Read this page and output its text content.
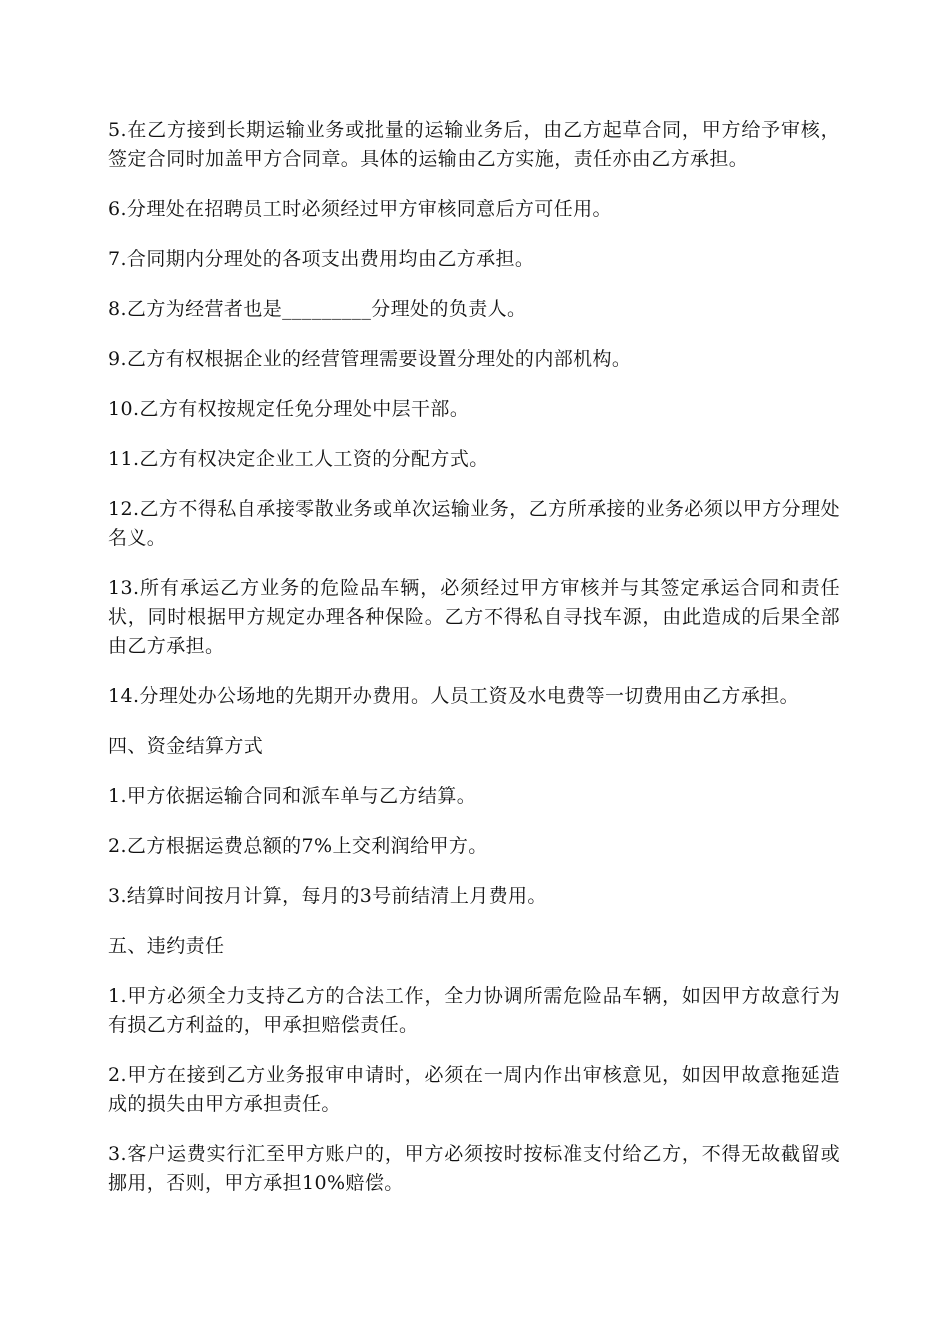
5.在乙方接到长期运输业务或批量的运输业务后，由乙方起草合同，甲方给予审核，签定合同时加盖甲方合同章。具体的运输由乙方实施，责任亦由乙方承担。

6.分理处在招聘员工时必须经过甲方审核同意后方可任用。

7.合同期内分理处的各项支出费用均由乙方承担。

8.乙方为经营者也是_________分理处的负责人。

9.乙方有权根据企业的经营管理需要设置分理处的内部机构。

10.乙方有权按规定任免分理处中层干部。

11.乙方有权决定企业工人工资的分配方式。

12.乙方不得私自承接零散业务或单次运输业务，乙方所承接的业务必须以甲方分理处名义。

13.所有承运乙方业务的危险品车辆，必须经过甲方审核并与其签定承运合同和责任状，同时根据甲方规定办理各种保险。乙方不得私自寻找车源，由此造成的后果全部由乙方承担。

14.分理处办公场地的先期开办费用。人员工资及水电费等一切费用由乙方承担。

四、资金结算方式

1.甲方依据运输合同和派车单与乙方结算。

2.乙方根据运费总额的7%上交利润给甲方。

3.结算时间按月计算，每月的3号前结清上月费用。

五、违约责任

1.甲方必须全力支持乙方的合法工作，全力协调所需危险品车辆，如因甲方故意行为有损乙方利益的，甲承担赔偿责任。

2.甲方在接到乙方业务报审申请时，必须在一周内作出审核意见，如因甲故意拖延造成的损失由甲方承担责任。

3.客户运费实行汇至甲方账户的，甲方必须按时按标准支付给乙方，不得无故截留或挪用，否则，甲方承担10%赔偿。
